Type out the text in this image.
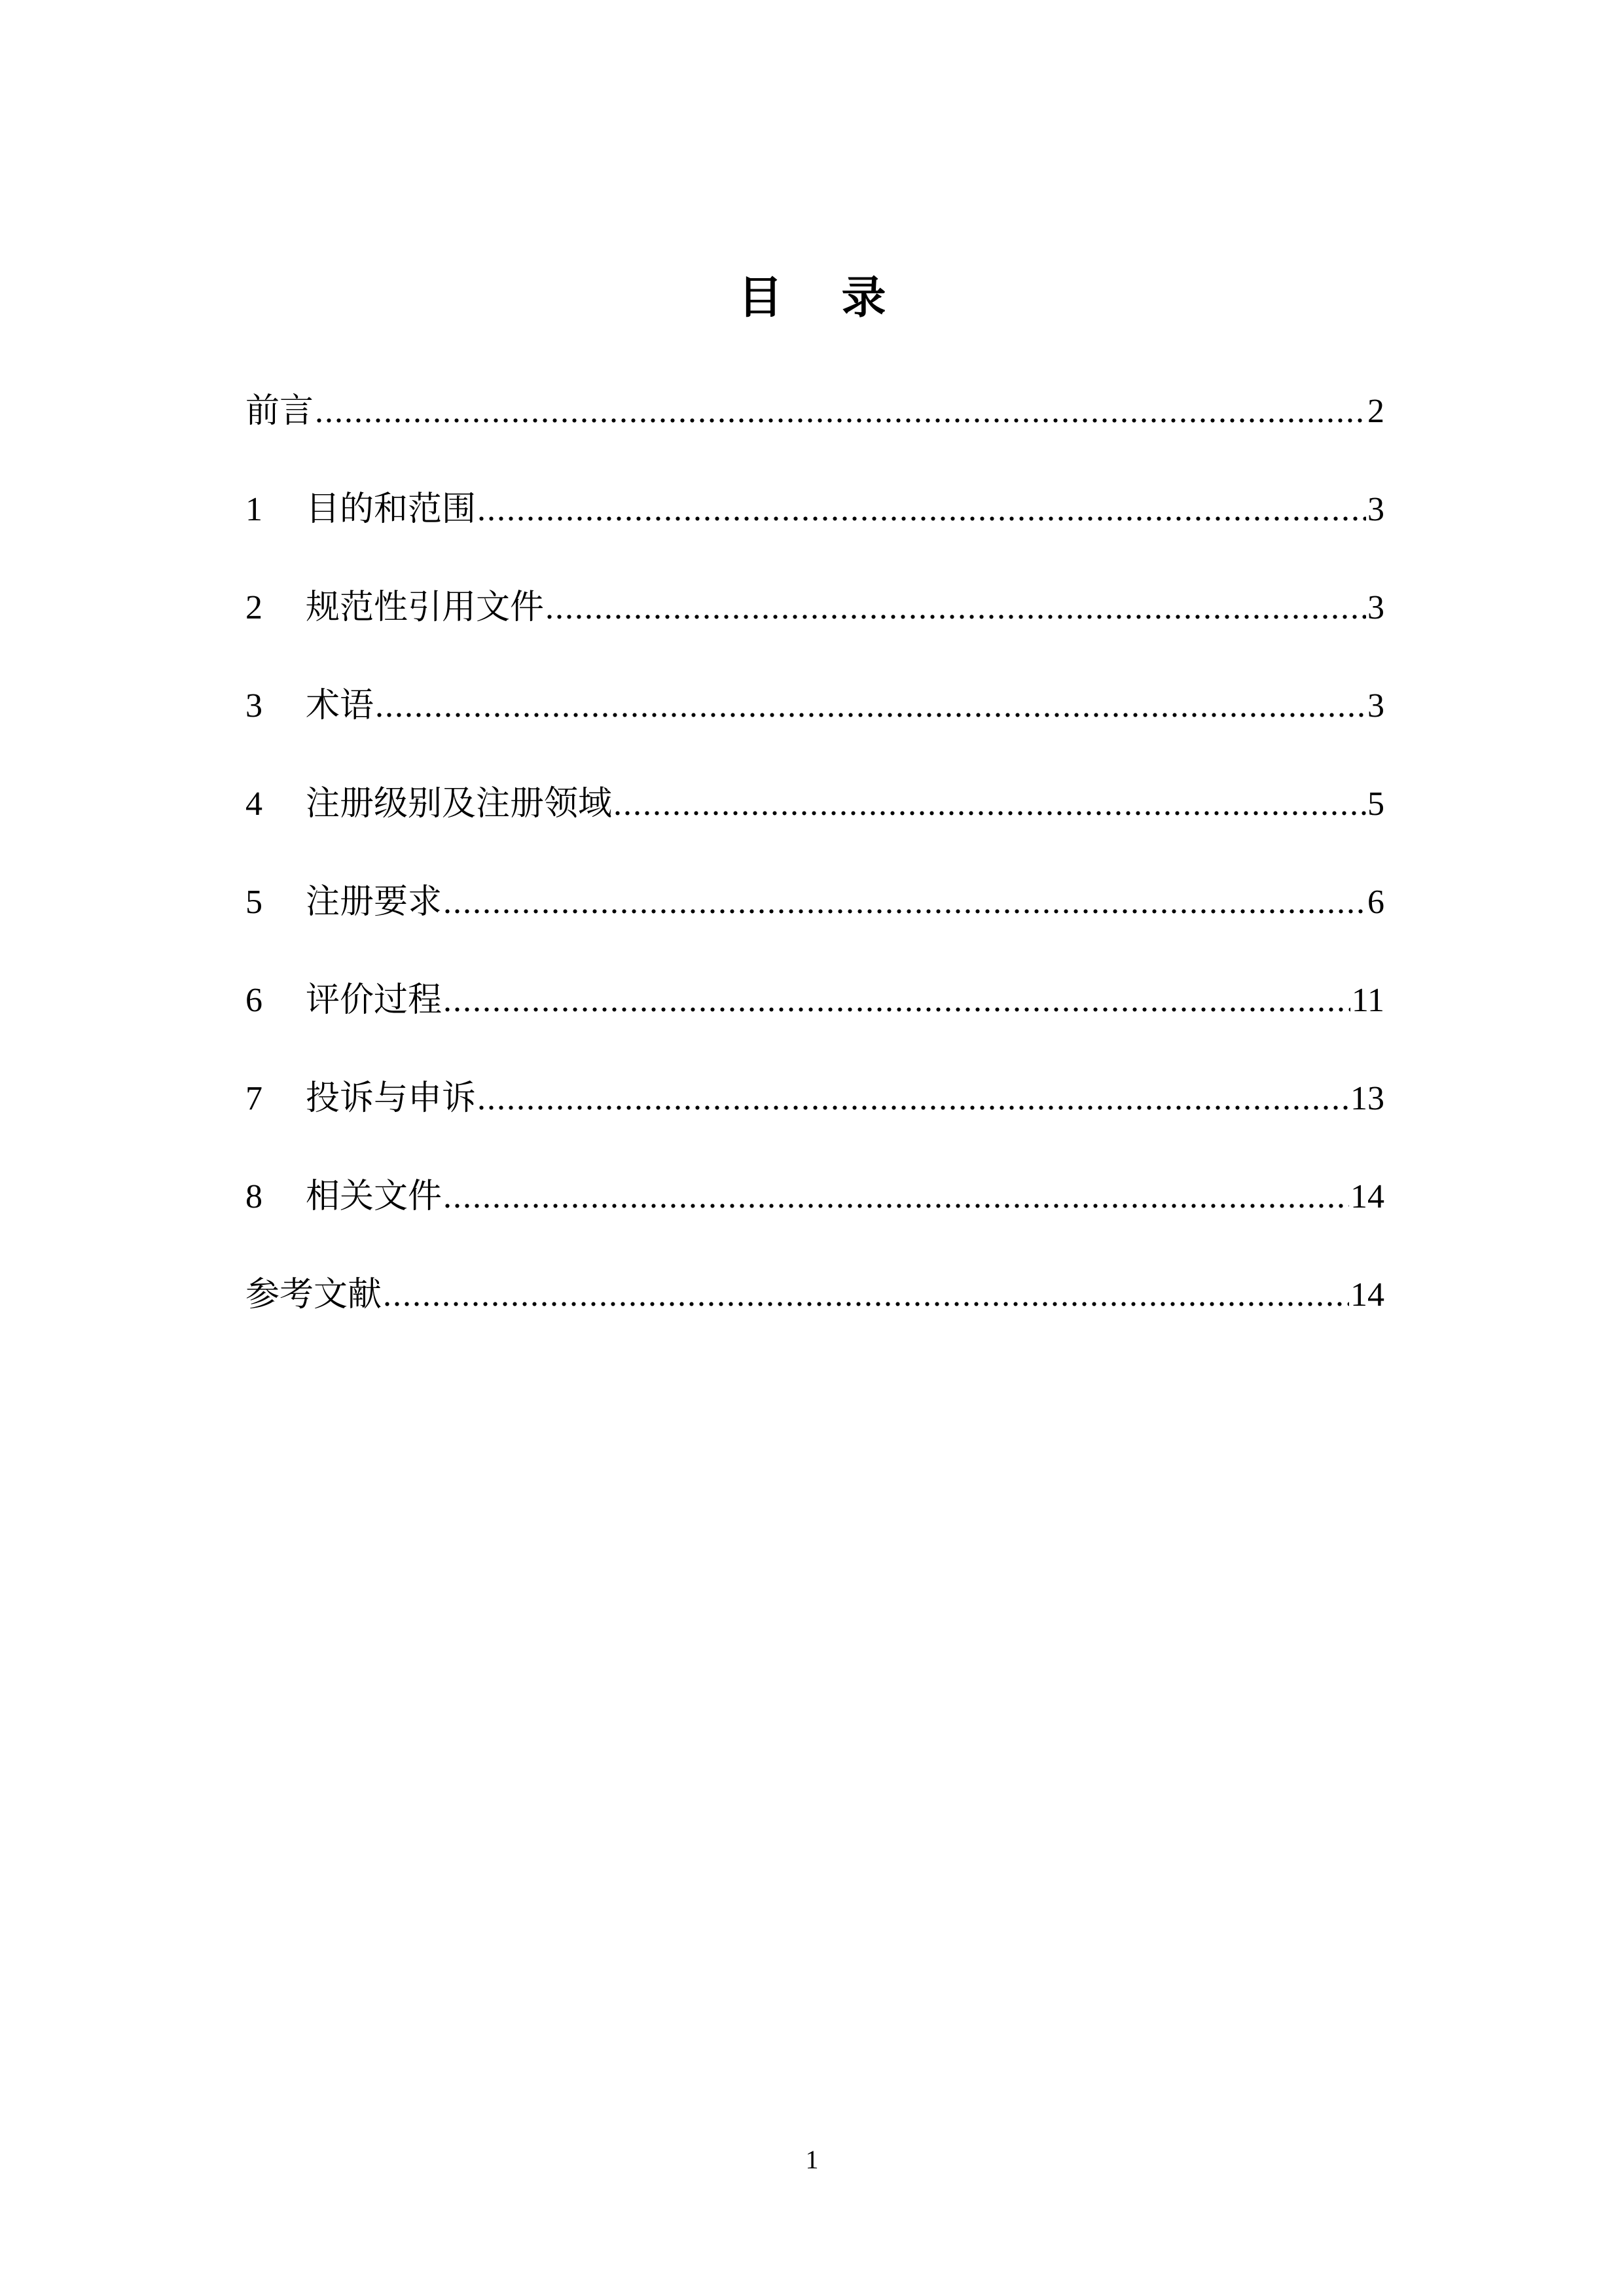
目 录
前言 .....	2
1	目的和范围 .....	3
2	规范性引用文件 .....	3
3	术语 .....	3
4	注册级别及注册领域 .....	5
5	注册要求 .....	6
6	评价过程 .....	11
7	投诉与申诉 .....	13
8	相关文件 .....	14
参考文献 .....	14
1
